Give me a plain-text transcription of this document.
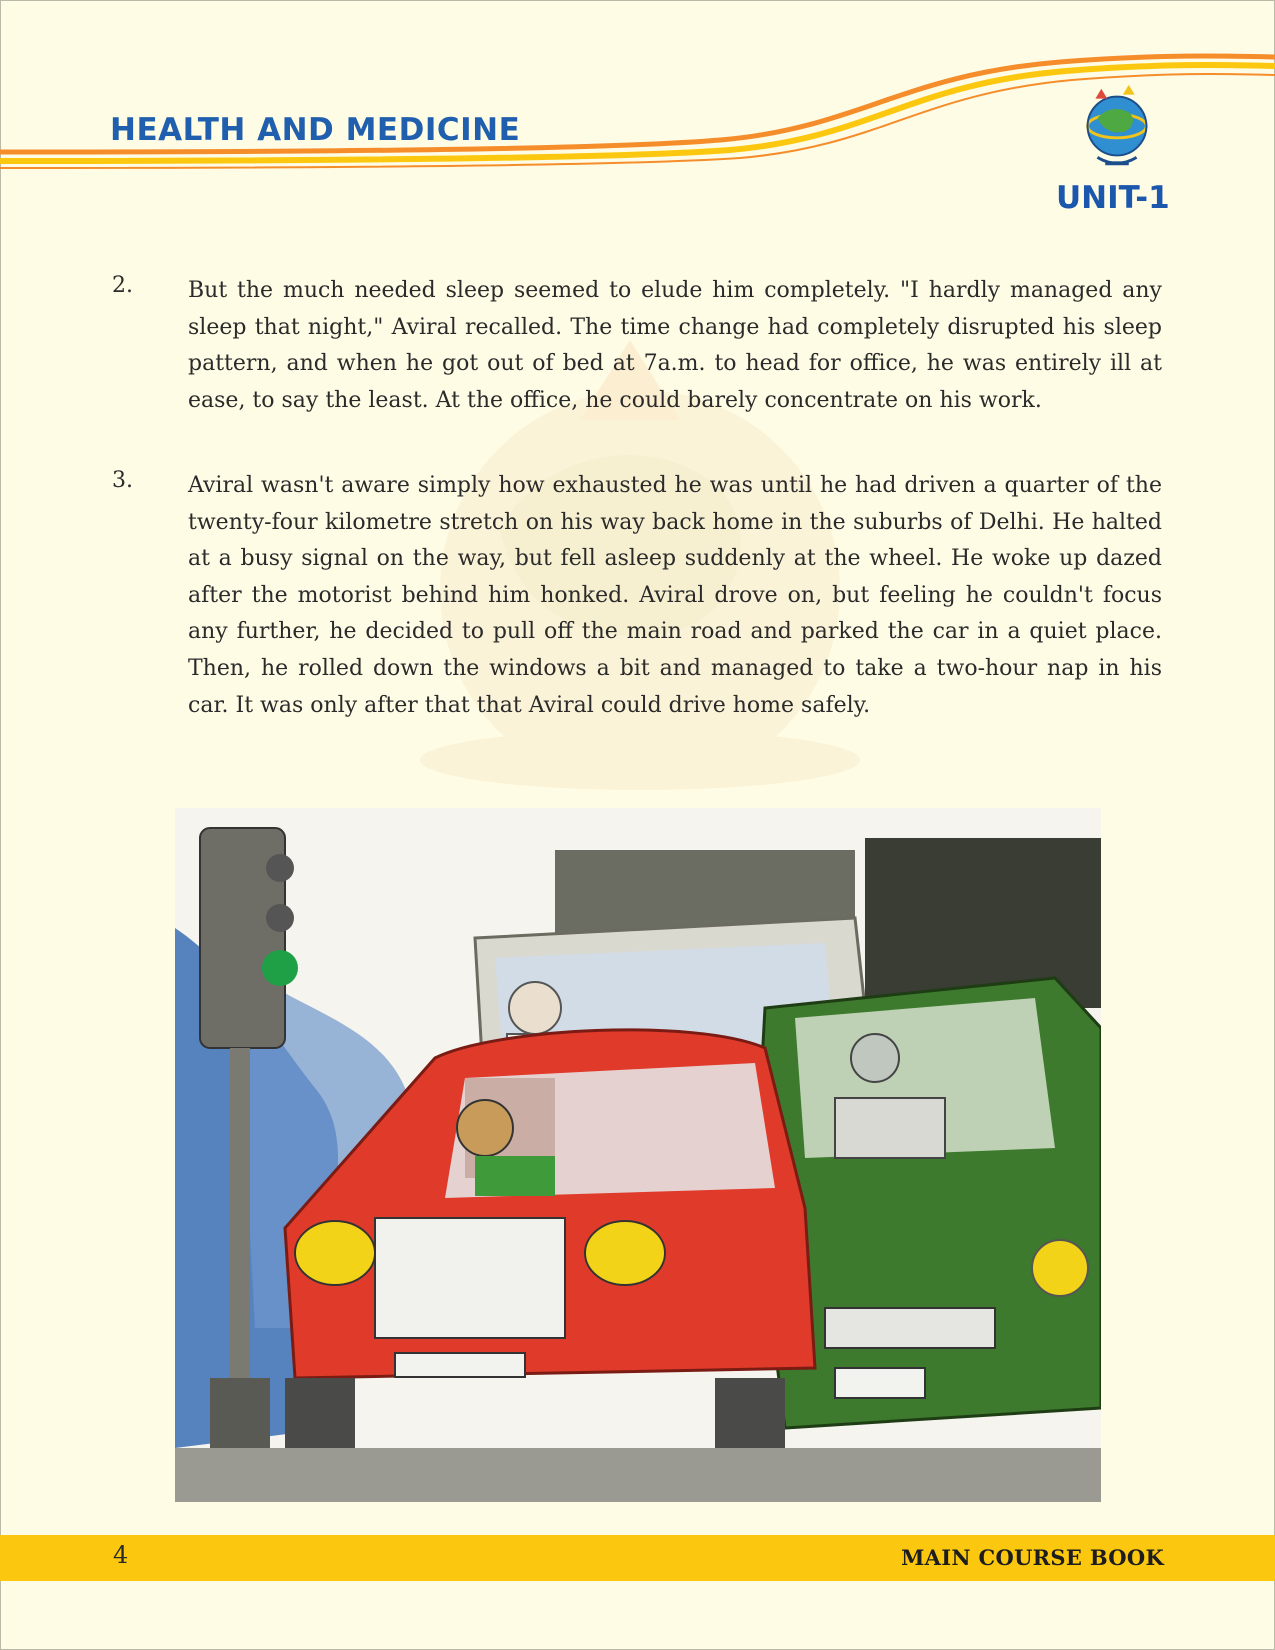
HEALTH AND MEDICINE
UNIT-1
2.	But the much needed sleep seemed to elude him completely. "I hardly managed any sleep that night," Aviral recalled. The time change had completely disrupted his sleep pattern, and when he got out of bed at 7a.m. to head for office, he was entirely ill at ease, to say the least. At the office, he could barely concentrate on his work.
3.	Aviral wasn't aware simply how exhausted he was until he had driven a quarter of the twenty-four kilometre stretch on his way back home in the suburbs of Delhi. He halted at a busy signal on the way, but fell asleep suddenly at the wheel. He woke up dazed after the motorist behind him honked. Aviral drove on, but feeling he couldn't focus any further, he decided to pull off the main road and parked the car in a quiet place. Then, he rolled down the windows a bit and managed to take a two-hour nap in his car. It was only after that that Aviral could drive home safely.
4	MAIN COURSE BOOK
